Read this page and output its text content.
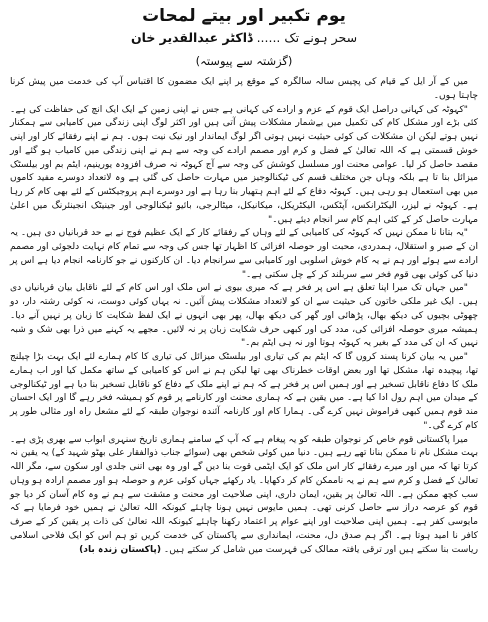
یوم تکبیر اور بیتے لمحات
سحر ہونے تک......ڈاکٹر عبدالقدیر خان
(گزشتہ سے پیوستہ)

میں کے آر ایل کے قیام کی پچیس سالہ سالگرہ کے موقع پر اپنے ایک مضمون کا اقتباس آپ کی خدمت میں پیش کرنا چاہتا ہوں۔

"کہوٹہ کی کہانی دراصل ایک قوم کے عزم و ارادے کی کہانی ہے جس نے اپنی زمین کے ایک ایک انچ کی حفاظت کی ہے۔ کئی بڑے اور مشکل کام کی تکمیل میں بےشمار مشکلات پیش آتی ہیں اور اکثر لوگ اپنی زندگی میں کامیابی سے ہمکنار نہیں ہوتے لیکن ان مشکلات کی کوئی حیثیت نہیں ہوتی اگر لوگ ایماندار اور نیک نیت ہوں۔ ہم نے اپنے رفقائے کار اور اپنی خوش قسمتی ہے کہ اللہ تعالیٰ کے فضل و کرم اور مصمم ارادے کی وجہ سے ہم نے اپنی زندگی میں کامیاب ہو گئے اور مقصد حاصل کر لیا۔ عوامی محنت اور مسلسل کوشش کی وجہ سے آج کہوٹہ نہ صرف افزودہ یورینیم، ایٹم بم اور بیلسٹک میزائل بنا تا ہے بلکہ وہاں جن مختلف قسم کی ٹیکنالوجیز میں مہارت حاصل کی گئی ہے وہ لاتعداد دوسرے مفید کاموں میں بھی استعمال ہو رہی ہیں۔ کہوٹہ دفاع کے لئے اہم ہتھیار بنا رہا ہے اور دوسرے اہم پروجیکٹس کے لئے بھی کام کر رہا ہے۔ کہوٹہ نے لیزر، الیکٹرانکس، آپٹکس، الیکٹریکل، میکانیکل، میٹالرجی، بائیو ٹیکنالوجی اور جینیٹک انجینئرنگ میں اعلیٰ مہارت حاصل کر کے کئی اہم کام سر انجام دیئے ہیں۔"

"یہ بتانا نا ممکن نہیں کہ کہوٹہ کی کامیابی کے لئے وہاں کے رفقائے کار کے ایک عظیم فوج نے بے حد قربانیاں دی ہیں۔ یہ ان کے صبر و استقلال، ہمدردی، محبت اور حوصلہ افزائی کا اظہار تھا جس کی وجہ سے تمام کام نہایت دلجوئی اور مصمم ارادے سے ہوئے اور ہم نے یہ کام خوش اسلوبی اور کامیابی سے سرانجام دیا۔ ان کارکنوں نے جو کارنامہ انجام دیا ہے اس پر دنیا کی کوئی بھی قوم فخر سے سربلند کر کے چل سکتی ہے۔"

"میں جہاں تک میرا اپنا تعلق ہے اس پر فخر ہے کہ میری بیوی نے اس ملک اور اس کام کے لئے ناقابل بیان قربانیاں دی ہیں۔ ایک غیر ملکی خاتون کی حیثیت سے ان کو لاتعداد مشکلات پیش آئیں۔ نہ یہاں کوئی دوست، نہ کوئی رشتہ دار، دو چھوٹی بچیوں کی دیکھ بھال، پڑھائی اور گھر کی دیکھ بھال، پھر بھی انہوں نے ایک لفظ شکایت کا زبان پر نہیں آنے دیا۔ ہمیشہ میری حوصلہ افزائی کی، مدد کی اور کبھی حرف شکایت زبان پر نہ لائیں۔ مجھے یہ کہنے میں ذرا بھی شک و شبہ نہیں کہ ان کی مدد کے بغیر یہ کہوٹہ ہوتا اور نہ ہی ایٹم بم۔"

"میں یہ بیان کرنا پسند کروں گا کہ ایٹم بم کی تیاری اور بیلسٹک میزائل کی تیاری کا کام ہمارے لئے ایک بہت بڑا چیلنج تھا، پیچیدہ تھا، مشکل تھا اور بعض اوقات خطرناک بھی تھا لیکن ہم نے اس کو کامیابی کے ساتھ مکمل کیا اور اب ہمارے ملک کا دفاع ناقابل تسخیر ہے اور ہمیں اس پر فخر ہے کہ ہم نے اپنے ملک کے دفاع کو ناقابل تسخیر بنا دیا ہے اور ٹیکنالوجی کے میدان میں اہم رول ادا کیا ہے۔ میں یقین ہے کہ ہماری محنت اور کارنامے پر قوم کو ہمیشہ فخر رہے گا اور ایک احسان مند قوم ہمیں کبھی فراموش نہیں کرے گی۔ ہمارا کام اور کارنامہ آئندہ نوجوان طبقہ کے لئے مشعل راہ اور مثالی طور پر کام کرے گی۔"

میرا پاکستانی قوم خاص کر نوجوان طبقہ کو یہ پیغام ہے کہ آپ کے سامنے ہماری تاریخ سنہری ابواب سے بھری پڑی ہے۔ بہت مشکل نام نا ممکن بنانا تھے رہے ہیں۔ دنیا میں کوئی شخص بھی (سوائے جناب ذوالفقار علی بھٹو شہید کے) یہ یقین نہ کرتا تھا کہ میں اور میرے رفقائے کار اس ملک کو ایک ایٹمی قوت بنا دیں گے اور وہ بھی اتنی جلدی اور سکون سے، مگر اللہ تعالیٰ کے فضل و کرم سے ہم نے یہ ناممکن کام کر دکھایا۔ یاد رکھئے جہاں کوئی عزم و حوصلہ ہو اور مصمم ارادہ ہو وہاں سب کچھ ممکن ہے۔ اللہ تعالیٰ پر یقین، ایمان داری، اپنی صلاحیت اور محنت و مشقت سے ہم نے وہ کام آسان کر دیا جو قوم کو عرصہ دراز سے حاصل کرنی تھی۔ ہمیں مایوس نہیں ہونا چاہئے کیونکہ اللہ تعالیٰ نے ہمیں خود فرمایا ہے کہ مایوسی کفر ہے۔ ہمیں اپنی صلاحیت اور اپنے عوام پر اعتماد رکھنا چاہئے کیونکہ اللہ تعالیٰ کی ذات پر یقین کر کے صرف کافر نا امید ہوتا ہے۔ اگر ہم صدق دل، محنت، ایمانداری سے پاکستان کی خدمت کریں تو ہم اس کو ایک فلاحی اسلامی ریاست بنا سکتے ہیں اور ترقی یافتہ ممالک کی فہرست میں شامل کر سکتے ہیں۔ (پاکستان زندہ باد)
